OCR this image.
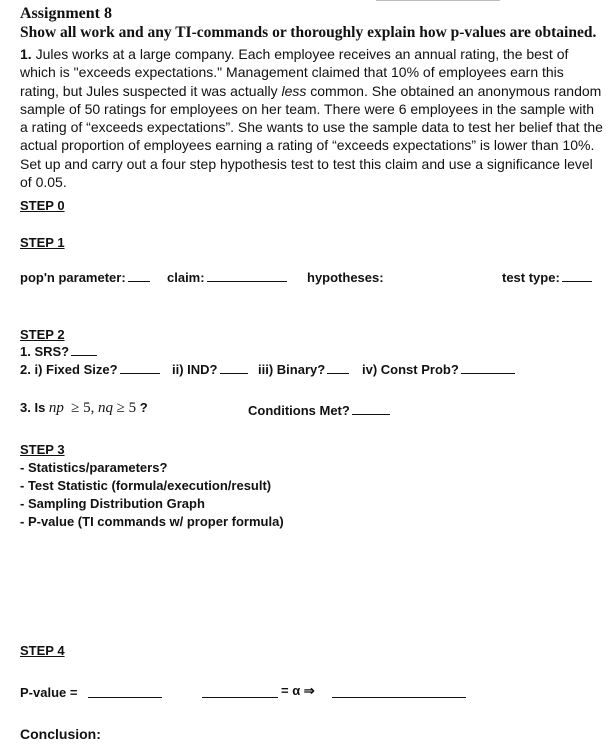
Assignment 8
Show all work and any TI-commands or thoroughly explain how p-values are obtained.
1. Jules works at a large company. Each employee receives an annual rating, the best of which is "exceeds expectations." Management claimed that 10% of employees earn this rating, but Jules suspected it was actually less common. She obtained an anonymous random sample of 50 ratings for employees on her team. There were 6 employees in the sample with a rating of “exceeds expectations”. She wants to use the sample data to test her belief that the actual proportion of employees earning a rating of “exceeds expectations” is lower than 10%. Set up and carry out a four step hypothesis test to test this claim and use a significance level of 0.05.
STEP 0
STEP 1
pop'n parameter:	claim:	hypotheses:	test type:
STEP 2
1. SRS?
2. i) Fixed Size?	ii) IND?	iii) Binary?	iv) Const Prob?
3. Is np ≥ 5, nq ≥ 5 ?	Conditions Met?
STEP 3
- Statistics/parameters?
- Test Statistic (formula/execution/result)
- Sampling Distribution Graph
- P-value (TI commands w/ proper formula)
STEP 4
P-value =	= α ⇒
Conclusion:
